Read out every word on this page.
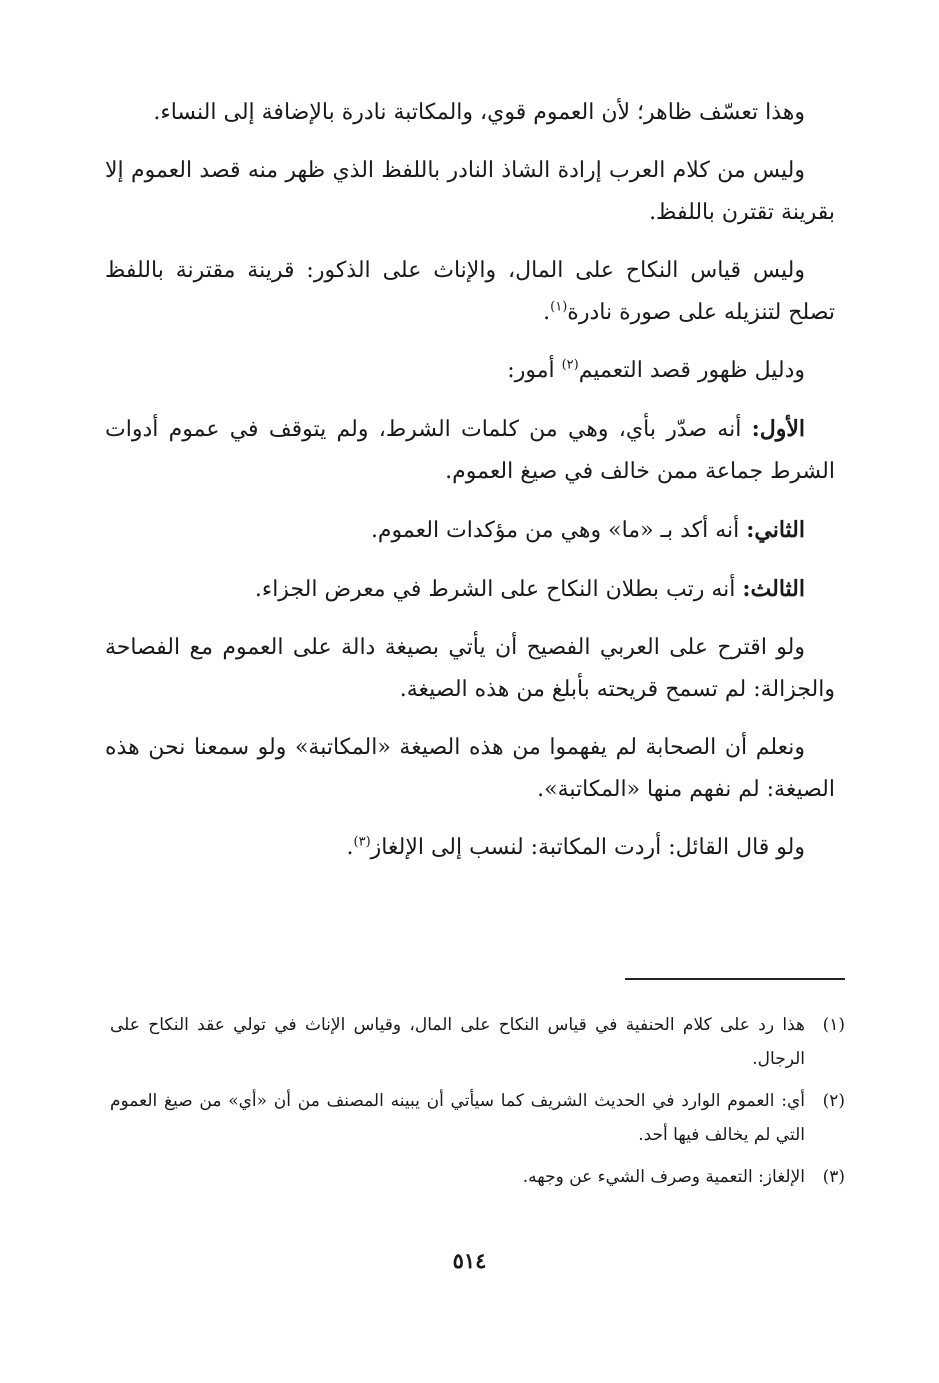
وهذا تعسّف ظاهر؛ لأن العموم قوي، والمكاتبة نادرة بالإضافة إلى النساء.

وليس من كلام العرب إرادة الشاذ النادر باللفظ الذي ظهر منه قصد العموم إلا بقرينة تقترن باللفظ.

وليس قياس النكاح على المال، والإناث على الذكور: قرينة مقترنة باللفظ تصلح لتنزيله على صورة نادرة$^{(١)}$.

ودليل ظهور قصد التعميم$^{(٢)}$ أمور:

الأول: أنه صدّر بأي، وهي من كلمات الشرط، ولم يتوقف في عموم أدوات الشرط جماعة ممن خالف في صيغ العموم.

الثاني: أنه أكد بـ «ما» وهي من مؤكدات العموم.

الثالث: أنه رتب بطلان النكاح على الشرط في معرض الجزاء.

ولو اقترح على العربي الفصيح أن يأتي بصيغة دالة على العموم مع الفصاحة والجزالة: لم تسمح قريحته بأبلغ من هذه الصيغة.

ونعلم أن الصحابة لم يفهموا من هذه الصيغة «المكاتبة» ولو سمعنا نحن هذه الصيغة: لم نفهم منها «المكاتبة».

ولو قال القائل: أردت المكاتبة: لنسب إلى الإلغاز$^{(٣)}$.

(١)
هذا رد على كلام الحنفية في قياس النكاح على المال، وقياس الإناث في تولي عقد النكاح على الرجال.
(٢)
أي: العموم الوارد في الحديث الشريف كما سيأتي أن يبينه المصنف من أن «أي» من صيغ العموم التي لم يخالف فيها أحد.
(٣)
الإلغاز: التعمية وصرف الشيء عن وجهه.
٥١٤
